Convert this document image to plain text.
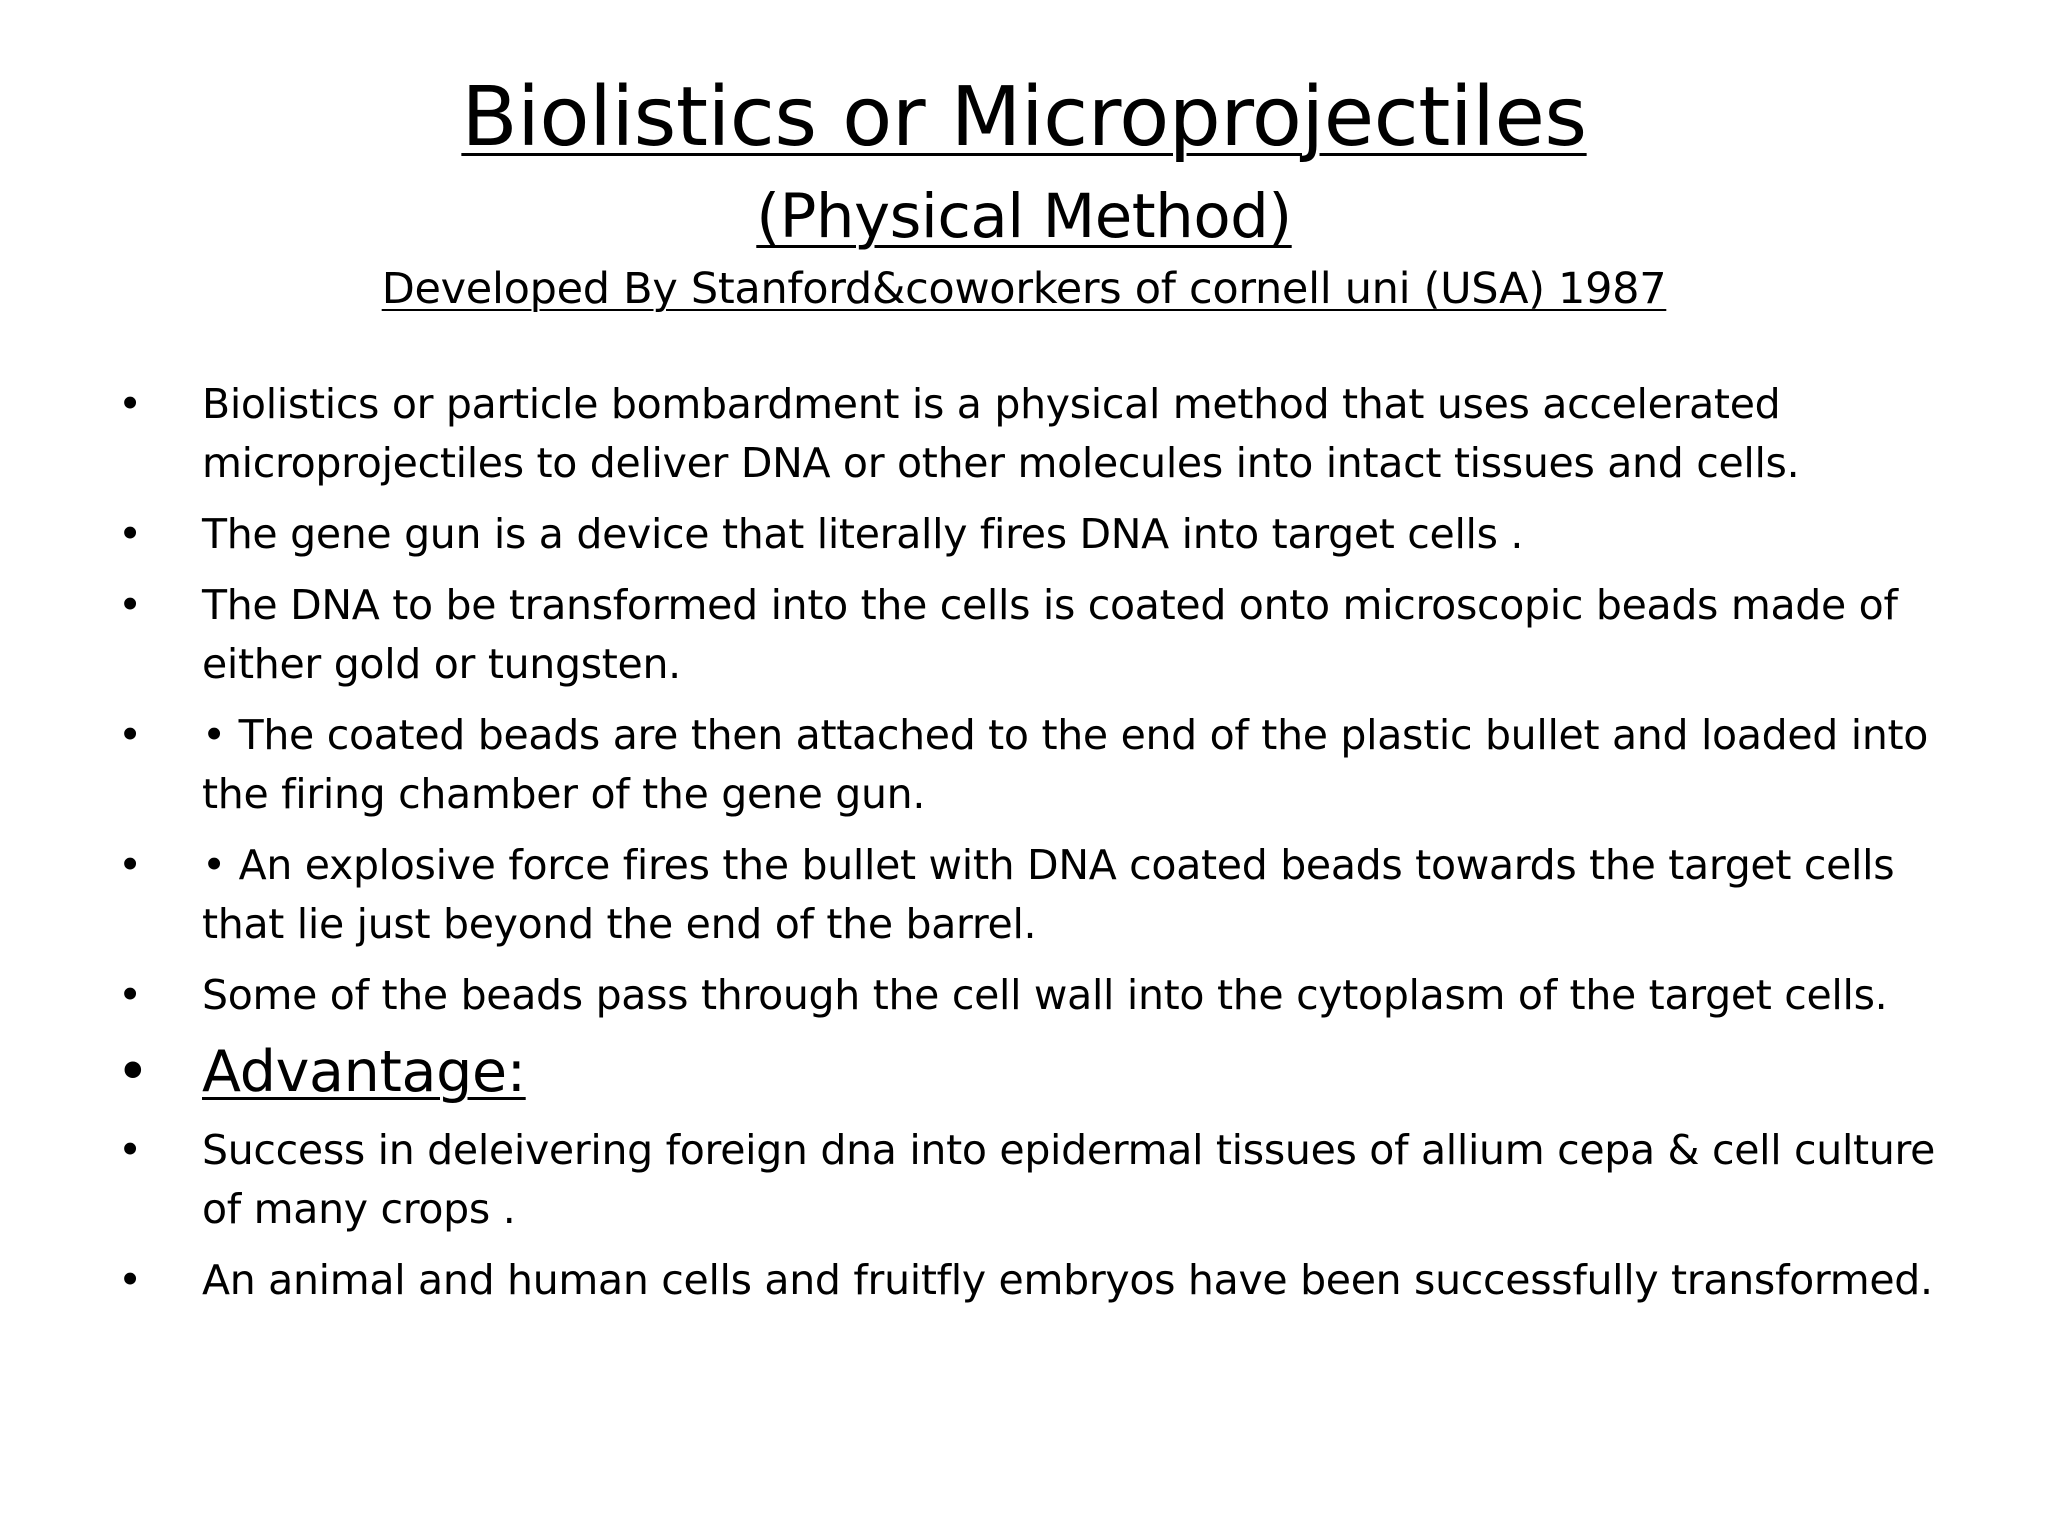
Biolistics or Microprojectiles
(Physical Method)
Developed By Stanford&coworkers of cornell uni (USA) 1987
• Biolistics or particle bombardment is a physical method that uses accelerated microprojectiles to deliver DNA or other molecules into intact tissues and cells.
• The gene gun is a device that literally fires DNA into target cells .
• The DNA to be transformed into the cells is coated onto microscopic beads made of either gold or tungsten.
• • The coated beads are then attached to the end of the plastic bullet and loaded into the firing chamber of the gene gun.
• • An explosive force fires the bullet with DNA coated beads towards the target cells that lie just beyond the end of the barrel.
• Some of the beads pass through the cell wall into the cytoplasm of the target cells.
• Advantage:
• Success in deleivering foreign dna into epidermal tissues of allium cepa & cell culture of many crops .
• An animal and human cells and fruitfly embryos have been successfully transformed.
